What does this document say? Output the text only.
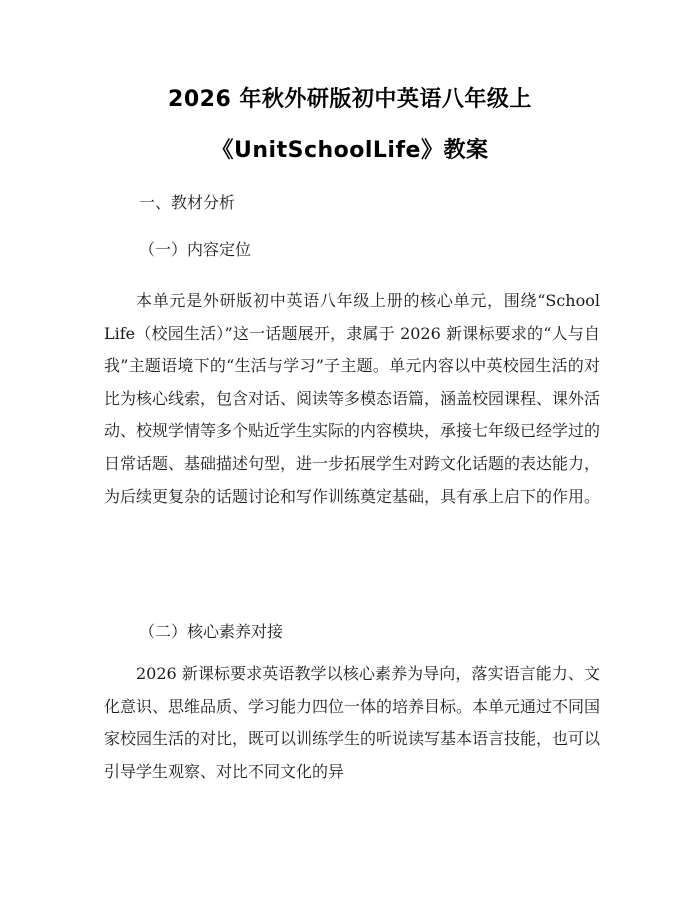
2026 年秋外研版初中英语八年级上
《UnitSchoolLife》教案
一、教材分析
（一）内容定位

本单元是外研版初中英语八年级上册的核心单元，围绕“School Life（校园生活）”这一话题展开，隶属于 2026 新课标要求的“人与自我”主题语境下的“生活与学习”子主题。单元内容以中英校园生活的对比为核心线索，包含对话、阅读等多模态语篇，涵盖校园课程、课外活动、校规学情等多个贴近学生实际的内容模块，承接七年级已经学过的日常话题、基础描述句型，进一步拓展学生对跨文化话题的表达能力，为后续更复杂的话题讨论和写作训练奠定基础，具有承上启下的作用。

（二）核心素养对接

2026 新课标要求英语教学以核心素养为导向，落实语言能力、文化意识、思维品质、学习能力四位一体的培养目标。本单元通过不同国家校园生活的对比，既可以训练学生的听说读写基本语言技能，也可以引导学生观察、对比不同文化的异
